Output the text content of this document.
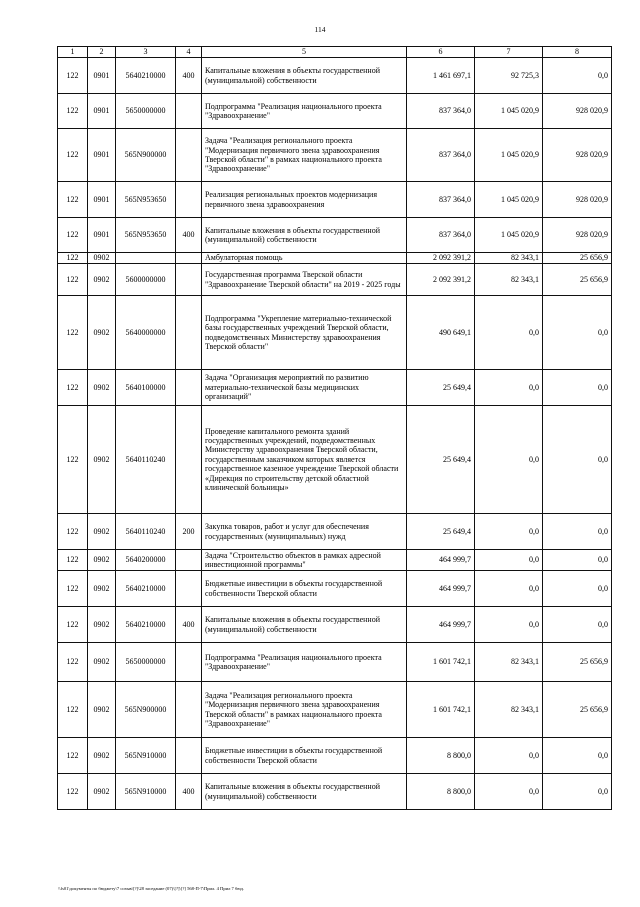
114
1	2	3	4	5	6	7	8
122	0901	5640210000	400	Капитальные вложения в объекты государственной (муниципальной) собственности	1 461 697,1	92 725,3	0,0
122	0901	5650000000		Подпрограмма "Реализация национального проекта "Здравоохранение"	837 364,0	1 045 020,9	928 020,9
122	0901	565N900000		Задача "Реализация регионального проекта "Модернизация первичного звена здравоохранения Тверской области" в рамках национального проекта "Здравоохранение"	837 364,0	1 045 020,9	928 020,9
122	0901	565N953650		Реализация региональных проектов модернизация первичного звена здравоохранения	837 364,0	1 045 020,9	928 020,9
122	0901	565N953650	400	Капитальные вложения в объекты государственной (муниципальной) собственности	837 364,0	1 045 020,9	928 020,9
122	0902			Амбулаторная помощь	2 092 391,2	82 343,1	25 656,9
122	0902	5600000000		Государственная программа Тверской области "Здравоохранение Тверской области" на 2019 - 2025 годы	2 092 391,2	82 343,1	25 656,9
122	0902	5640000000		Подпрограмма "Укрепление материально-технической базы государственных учреждений Тверской области, подведомственных Министерству здравоохранения Тверской области"	490 649,1	0,0	0,0
122	0902	5640100000		Задача "Организация мероприятий по развитию материально-технической базы медицинских организаций"	25 649,4	0,0	0,0
122	0902	5640110240		Проведение капитального ремонта зданий государственных учреждений, подведомственных Министерству здравоохранения Тверской области, государственным заказчиком которых является государственное казенное учреждение Тверской области «Дирекция по строительству детской областной клинической больницы»	25 649,4	0,0	0,0
122	0902	5640110240	200	Закупка товаров, работ и услуг для обеспечения государственных (муниципальных) нужд	25 649,4	0,0	0,0
122	0902	5640200000		Задача "Строительство объектов в рамках адресной инвестиционной программы"	464 999,7	0,0	0,0
122	0902	5640210000		Бюджетные инвестиции в объекты государственной собственности Тверской области	464 999,7	0,0	0,0
122	0902	5640210000	400	Капитальные вложения в объекты государственной (муниципальной) собственности	464 999,7	0,0	0,0
122	0902	5650000000		Подпрограмма "Реализация национального проекта "Здравоохранение"	1 601 742,1	82 343,1	25 656,9
122	0902	565N900000		Задача "Реализация регионального проекта "Модернизация первичного звена здравоохранения Тверской области" в рамках национального проекта "Здравоохранение"	1 601 742,1	82 343,1	25 656,9
122	0902	565N910000		Бюджетные инвестиции в объекты государственной собственности Тверской области	8 800,0	0,0	0,0
122	0902	565N910000	400	Капитальные вложения в объекты государственной (муниципальной) собственности	8 800,0	0,0	0,0
\\fs01\документы по бюджету\7 созыв\[?]\28 заседание (07)\[?]\[?] 568-П-7\Прил. 4 Прил 7 бюд.
